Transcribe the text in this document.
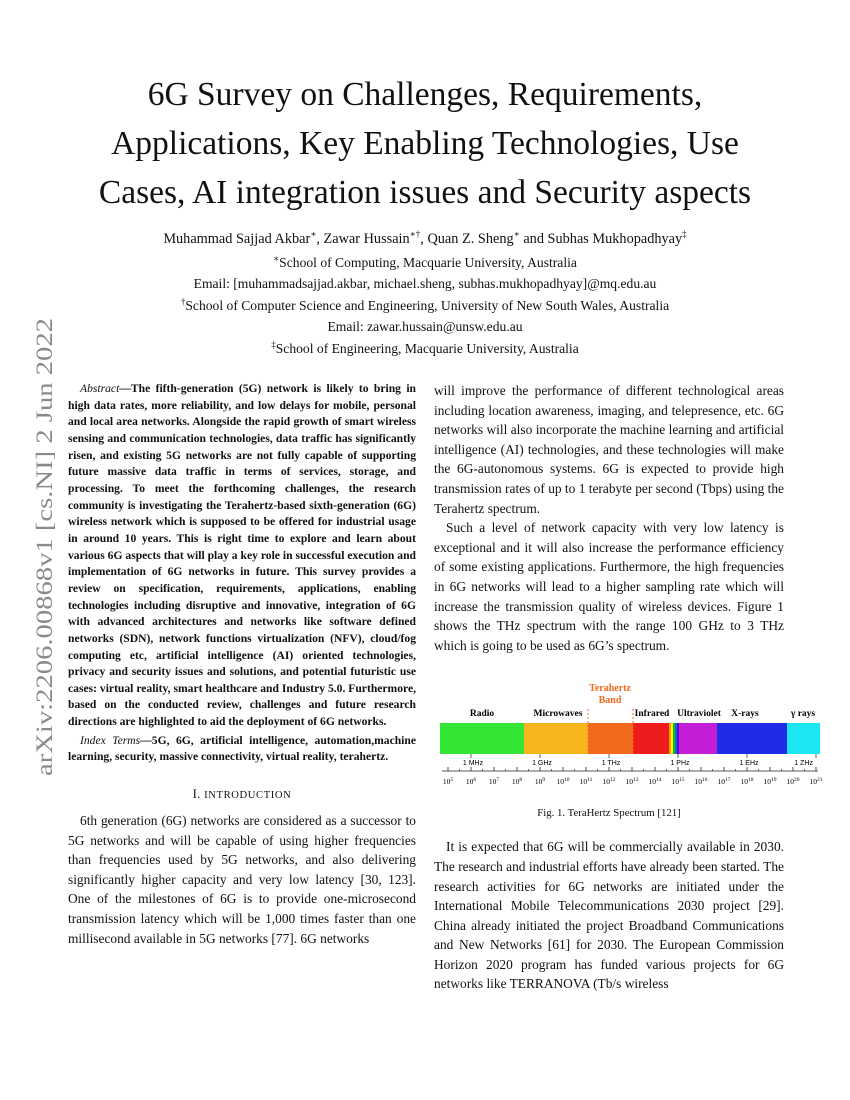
arXiv:2206.00868v1 [cs.NI] 2 Jun 2022
6G Survey on Challenges, Requirements, Applications, Key Enabling Technologies, Use Cases, AI integration issues and Security aspects
Muhammad Sajjad Akbar∗, Zawar Hussain∗†, Quan Z. Sheng∗ and Subhas Mukhopadhyay‡
∗School of Computing, Macquarie University, Australia
Email: [muhammadsajjad.akbar, michael.sheng, subhas.mukhopadhyay]@mq.edu.au
†School of Computer Science and Engineering, University of New South Wales, Australia
Email: zawar.hussain@unsw.edu.au
‡School of Engineering, Macquarie University, Australia

Abstract—The fifth-generation (5G) network is likely to bring in high data rates, more reliability, and low delays for mobile, personal and local area networks. Alongside the rapid growth of smart wireless sensing and communication technologies, data traffic has significantly risen, and existing 5G networks are not fully capable of supporting future massive data traffic in terms of services, storage, and processing. To meet the forthcoming challenges, the research community is investigating the Terahertz-based sixth-generation (6G) wireless network which is supposed to be offered for industrial usage in around 10 years. This is right time to explore and learn about various 6G aspects that will play a key role in successful execution and implementation of 6G networks in future. This survey provides a review on specification, requirements, applications, enabling technologies including disruptive and innovative, integration of 6G with advanced architectures and networks like software defined networks (SDN), network functions virtualization (NFV), cloud/fog computing etc, artificial intelligence (AI) oriented technologies, privacy and security issues and solutions, and potential futuristic use cases: virtual reality, smart healthcare and Industry 5.0. Furthermore, based on the conducted review, challenges and future research directions are highlighted to aid the deployment of 6G networks.

Index Terms—5G, 6G, artificial intelligence, automation,machine learning, security, massive connectivity, virtual reality, terahertz.

I. INTRODUCTION

6th generation (6G) networks are considered as a successor to 5G networks and will be capable of using higher frequencies than frequencies used by 5G networks, and also delivering significantly higher capacity and very low latency [30, 123]. One of the milestones of 6G is to provide one-microsecond transmission latency which will be 1,000 times faster than one millisecond available in 5G networks [77]. 6G networks

will improve the performance of different technological areas including location awareness, imaging, and telepresence, etc. 6G networks will also incorporate the machine learning and artificial intelligence (AI) technologies, and these technologies will make the 6G-autonomous systems. 6G is expected to provide high transmission rates of up to 1 terabyte per second (Tbps) using the Terahertz spectrum.

Such a level of network capacity with very low latency is exceptional and it will also increase the performance efficiency of some existing applications. Furthermore, the high frequencies in 6G networks will lead to a higher sampling rate which will increase the transmission quality of wireless devices. Figure 1 shows the THz spectrum with the range 100 GHz to 3 THz which is going to be used as 6G’s spectrum.

Radio	Microwaves
Terahertz
Band
Infrared Ultraviolet X-rays	γ rays
1 MHz	1 GHz	1 THz	1 PHz	1 EHz	1 ZHz
$10^5$ $10^6$ $10^7$ $10^8$ $10^9$ $10^{10}$ $10^{11}$ $10^{12}$ $10^{13}$ $10^{14}$ $10^{15}$ $10^{16}$ $10^{17}$ $10^{18}$ $10^{19}$ $10^{20}$ $10^{21}$
Fig. 1. TeraHertz Spectrum [121]

It is expected that 6G will be commercially available in 2030. The research and industrial efforts have already been started. The research activities for 6G networks are initiated under the International Mobile Telecommunications 2030 project [29]. China already initiated the project Broadband Communications and New Networks [61] for 2030. The European Commission Horizon 2020 program has funded various projects for 6G networks like TERRANOVA (Tb/s wireless
